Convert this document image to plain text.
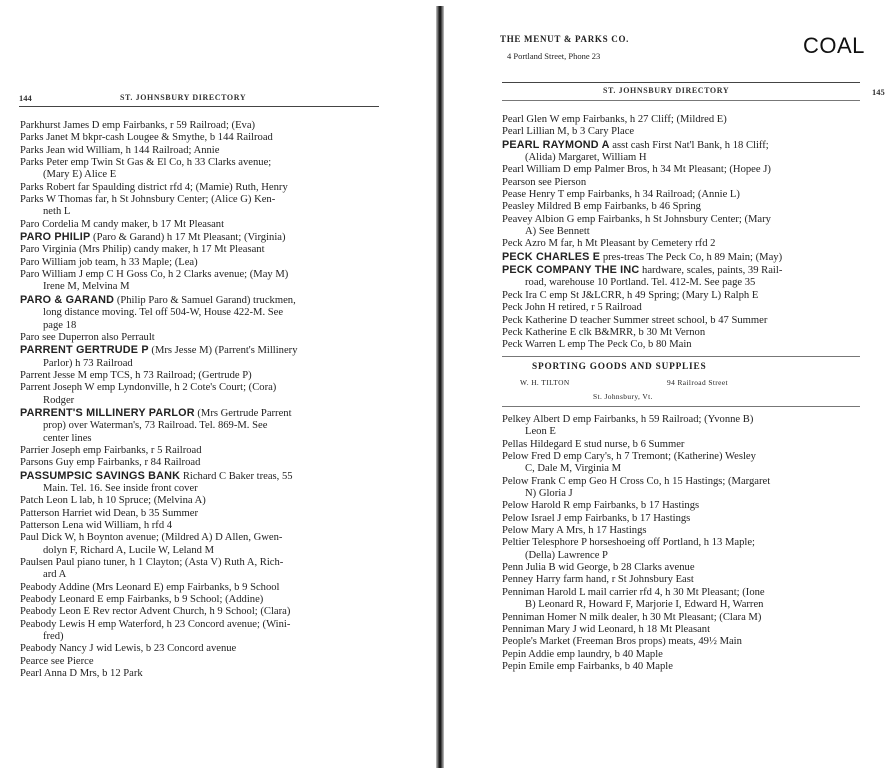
144	ST. JOHNSBURY DIRECTORY
Parkhurst James D emp Fairbanks, r 59 Railroad; (Eva)
Parks Janet M bkpr-cash Lougee & Smythe, b 144 Railroad
Parks Jean wid William, h 144 Railroad; Annie
Parks Peter emp Twin St Gas & El Co, h 33 Clarks avenue;
(Mary E) Alice E
Parks Robert far Spaulding district rfd 4; (Mamie) Ruth, Henry
Parks W Thomas far, h St Johnsbury Center; (Alice G) Ken-
neth L
Paro Cordelia M candy maker, b 17 Mt Pleasant
PARO PHILIP (Paro & Garand) h 17 Mt Pleasant; (Virginia)
Paro Virginia (Mrs Philip) candy maker, h 17 Mt Pleasant
Paro William job team, h 33 Maple; (Lea)
Paro William J emp C H Goss Co, h 2 Clarks avenue; (May M)
Irene M, Melvina M
PARO & GARAND (Philip Paro & Samuel Garand) truckmen,
long distance moving. Tel off 504-W, House 422-M. See
page 18
Paro see Duperron also Perrault
PARRENT GERTRUDE P (Mrs Jesse M) (Parrent's Millinery
Parlor) h 73 Railroad
Parrent Jesse M emp TCS, h 73 Railroad; (Gertrude P)
Parrent Joseph W emp Lyndonville, h 2 Cote's Court; (Cora)
Rodger
PARRENT'S MILLINERY PARLOR (Mrs Gertrude Parrent
prop) over Waterman's, 73 Railroad. Tel. 869-M. See
center lines
Parrier Joseph emp Fairbanks, r 5 Railroad
Parsons Guy emp Fairbanks, r 84 Railroad
PASSUMPSIC SAVINGS BANK Richard C Baker treas, 55
Main. Tel. 16. See inside front cover
Patch Leon L lab, h 10 Spruce; (Melvina A)
Patterson Harriet wid Dean, b 35 Summer
Patterson Lena wid William, h rfd 4
Paul Dick W, h Boynton avenue; (Mildred A) D Allen, Gwen-
dolyn F, Richard A, Lucile W, Leland M
Paulsen Paul piano tuner, h 1 Clayton; (Asta V) Ruth A, Rich-
ard A
Peabody Addine (Mrs Leonard E) emp Fairbanks, b 9 School
Peabody Leonard E emp Fairbanks, b 9 School; (Addine)
Peabody Leon E Rev rector Advent Church, h 9 School; (Clara)
Peabody Lewis H emp Waterford, h 23 Concord avenue; (Wini-
fred)
Peabody Nancy J wid Lewis, b 23 Concord avenue
Pearce see Pierce
Pearl Anna D Mrs, b 12 Park
THE MENUT & PARKS CO.
4 Portland Street, Phone 23	COAL
ST. JOHNSBURY DIRECTORY	145
Pearl Glen W emp Fairbanks, h 27 Cliff; (Mildred E)
Pearl Lillian M, b 3 Cary Place
PEARL RAYMOND A asst cash First Nat'l Bank, h 18 Cliff;
(Alida) Margaret, William H
Pearl William D emp Palmer Bros, h 34 Mt Pleasant; (Hopee J)
Pearson see Pierson
Pease Henry T emp Fairbanks, h 34 Railroad; (Annie L)
Peasley Mildred B emp Fairbanks, b 46 Spring
Peavey Albion G emp Fairbanks, h St Johnsbury Center; (Mary
A) See Bennett
Peck Azro M far, h Mt Pleasant by Cemetery rfd 2
PECK CHARLES E pres-treas The Peck Co, h 89 Main; (May)
PECK COMPANY THE INC hardware, scales, paints, 39 Rail-
road, warehouse 10 Portland. Tel. 412-M. See page 35
Peck Ira C emp St J&LCRR, h 49 Spring; (Mary L) Ralph E
Peck John H retired, r 5 Railroad
Peck Katherine D teacher Summer street school, b 47 Summer
Peck Katherine E clk B&MRR, b 30 Mt Vernon
Peck Warren L emp The Peck Co, b 80 Main
SPORTING GOODS AND SUPPLIES
W. H. TILTON	94 Railroad Street
St. Johnsbury, Vt.
Pelkey Albert D emp Fairbanks, h 59 Railroad; (Yvonne B)
Leon E
Pellas Hildegard E stud nurse, b 6 Summer
Pelow Fred D emp Cary's, h 7 Tremont; (Katherine) Wesley
C, Dale M, Virginia M
Pelow Frank C emp Geo H Cross Co, h 15 Hastings; (Margaret
N) Gloria J
Pelow Harold R emp Fairbanks, b 17 Hastings
Pelow Israel J emp Fairbanks, b 17 Hastings
Pelow Mary A Mrs, h 17 Hastings
Peltier Telesphore P horseshoeing off Portland, h 13 Maple;
(Della) Lawrence P
Penn Julia B wid George, b 28 Clarks avenue
Penney Harry farm hand, r St Johnsbury East
Penniman Harold L mail carrier rfd 4, h 30 Mt Pleasant; (Ione
B) Leonard R, Howard F, Marjorie I, Edward H, Warren
Penniman Homer N milk dealer, h 30 Mt Pleasant; (Clara M)
Penniman Mary J wid Leonard, h 18 Mt Pleasant
People's Market (Freeman Bros props) meats, 49½ Main
Pepin Addie emp laundry, b 40 Maple
Pepin Emile emp Fairbanks, b 40 Maple
